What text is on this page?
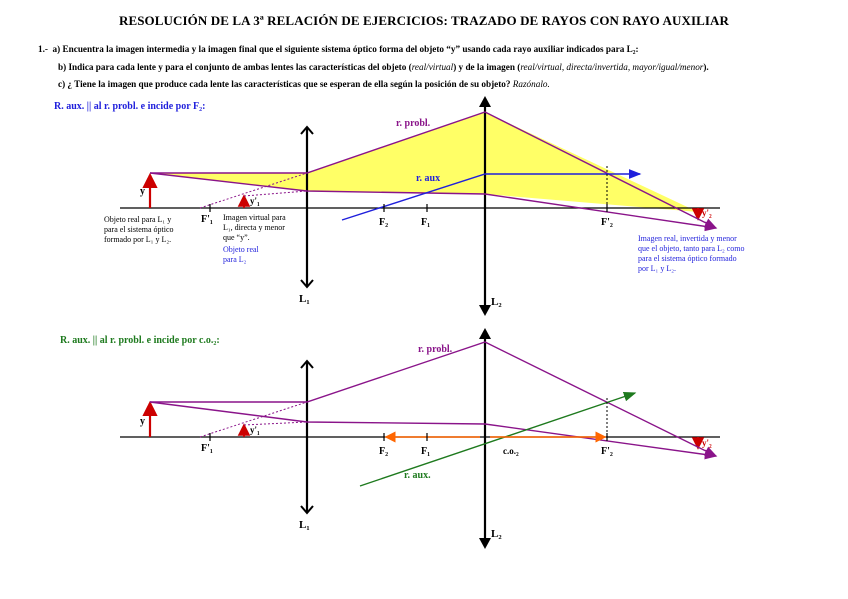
RESOLUCIÓN DE LA 3ª RELACIÓN DE EJERCICIOS: TRAZADO DE RAYOS CON RAYO AUXILIAR
1.- a) Encuentra la imagen intermedia y la imagen final que el siguiente sistema óptico forma del objeto “y” usando cada rayo auxiliar indicados para L₂:
b) Indica para cada lente y para el conjunto de ambas lentes las características del objeto (real/virtual) y de la imagen (real/virtual, directa/invertida, mayor/igual/menor).
c) ¿ Tiene la imagen que produce cada lente las características que se esperan de ella según la posición de su objeto? Razónalo.
R. aux. || al r. probl. e incide por F₂:
R. aux. || al r. probl. e incide por c.o.₂:
L₁	L₂
y
y'₁
y'₂
r. probl.
r. aux
F'₁	F₂	F₁	F'₂
Objeto real para L₁ y
para el sistema óptico
formado por L₁ y L₂.
Imagen virtual para
L₁, directa y menor
que “y”.
Objeto real
para L₂
Imagen real, invertida y menor
que el objeto, tanto para L₂ como
para el sistema óptico formado
por L₁ y L₂.
L₁
L₂
y
y'₁
y'₂
r. probl.
r. aux.
F'₁	F₂	F₁	c.o.₂	F'₂
